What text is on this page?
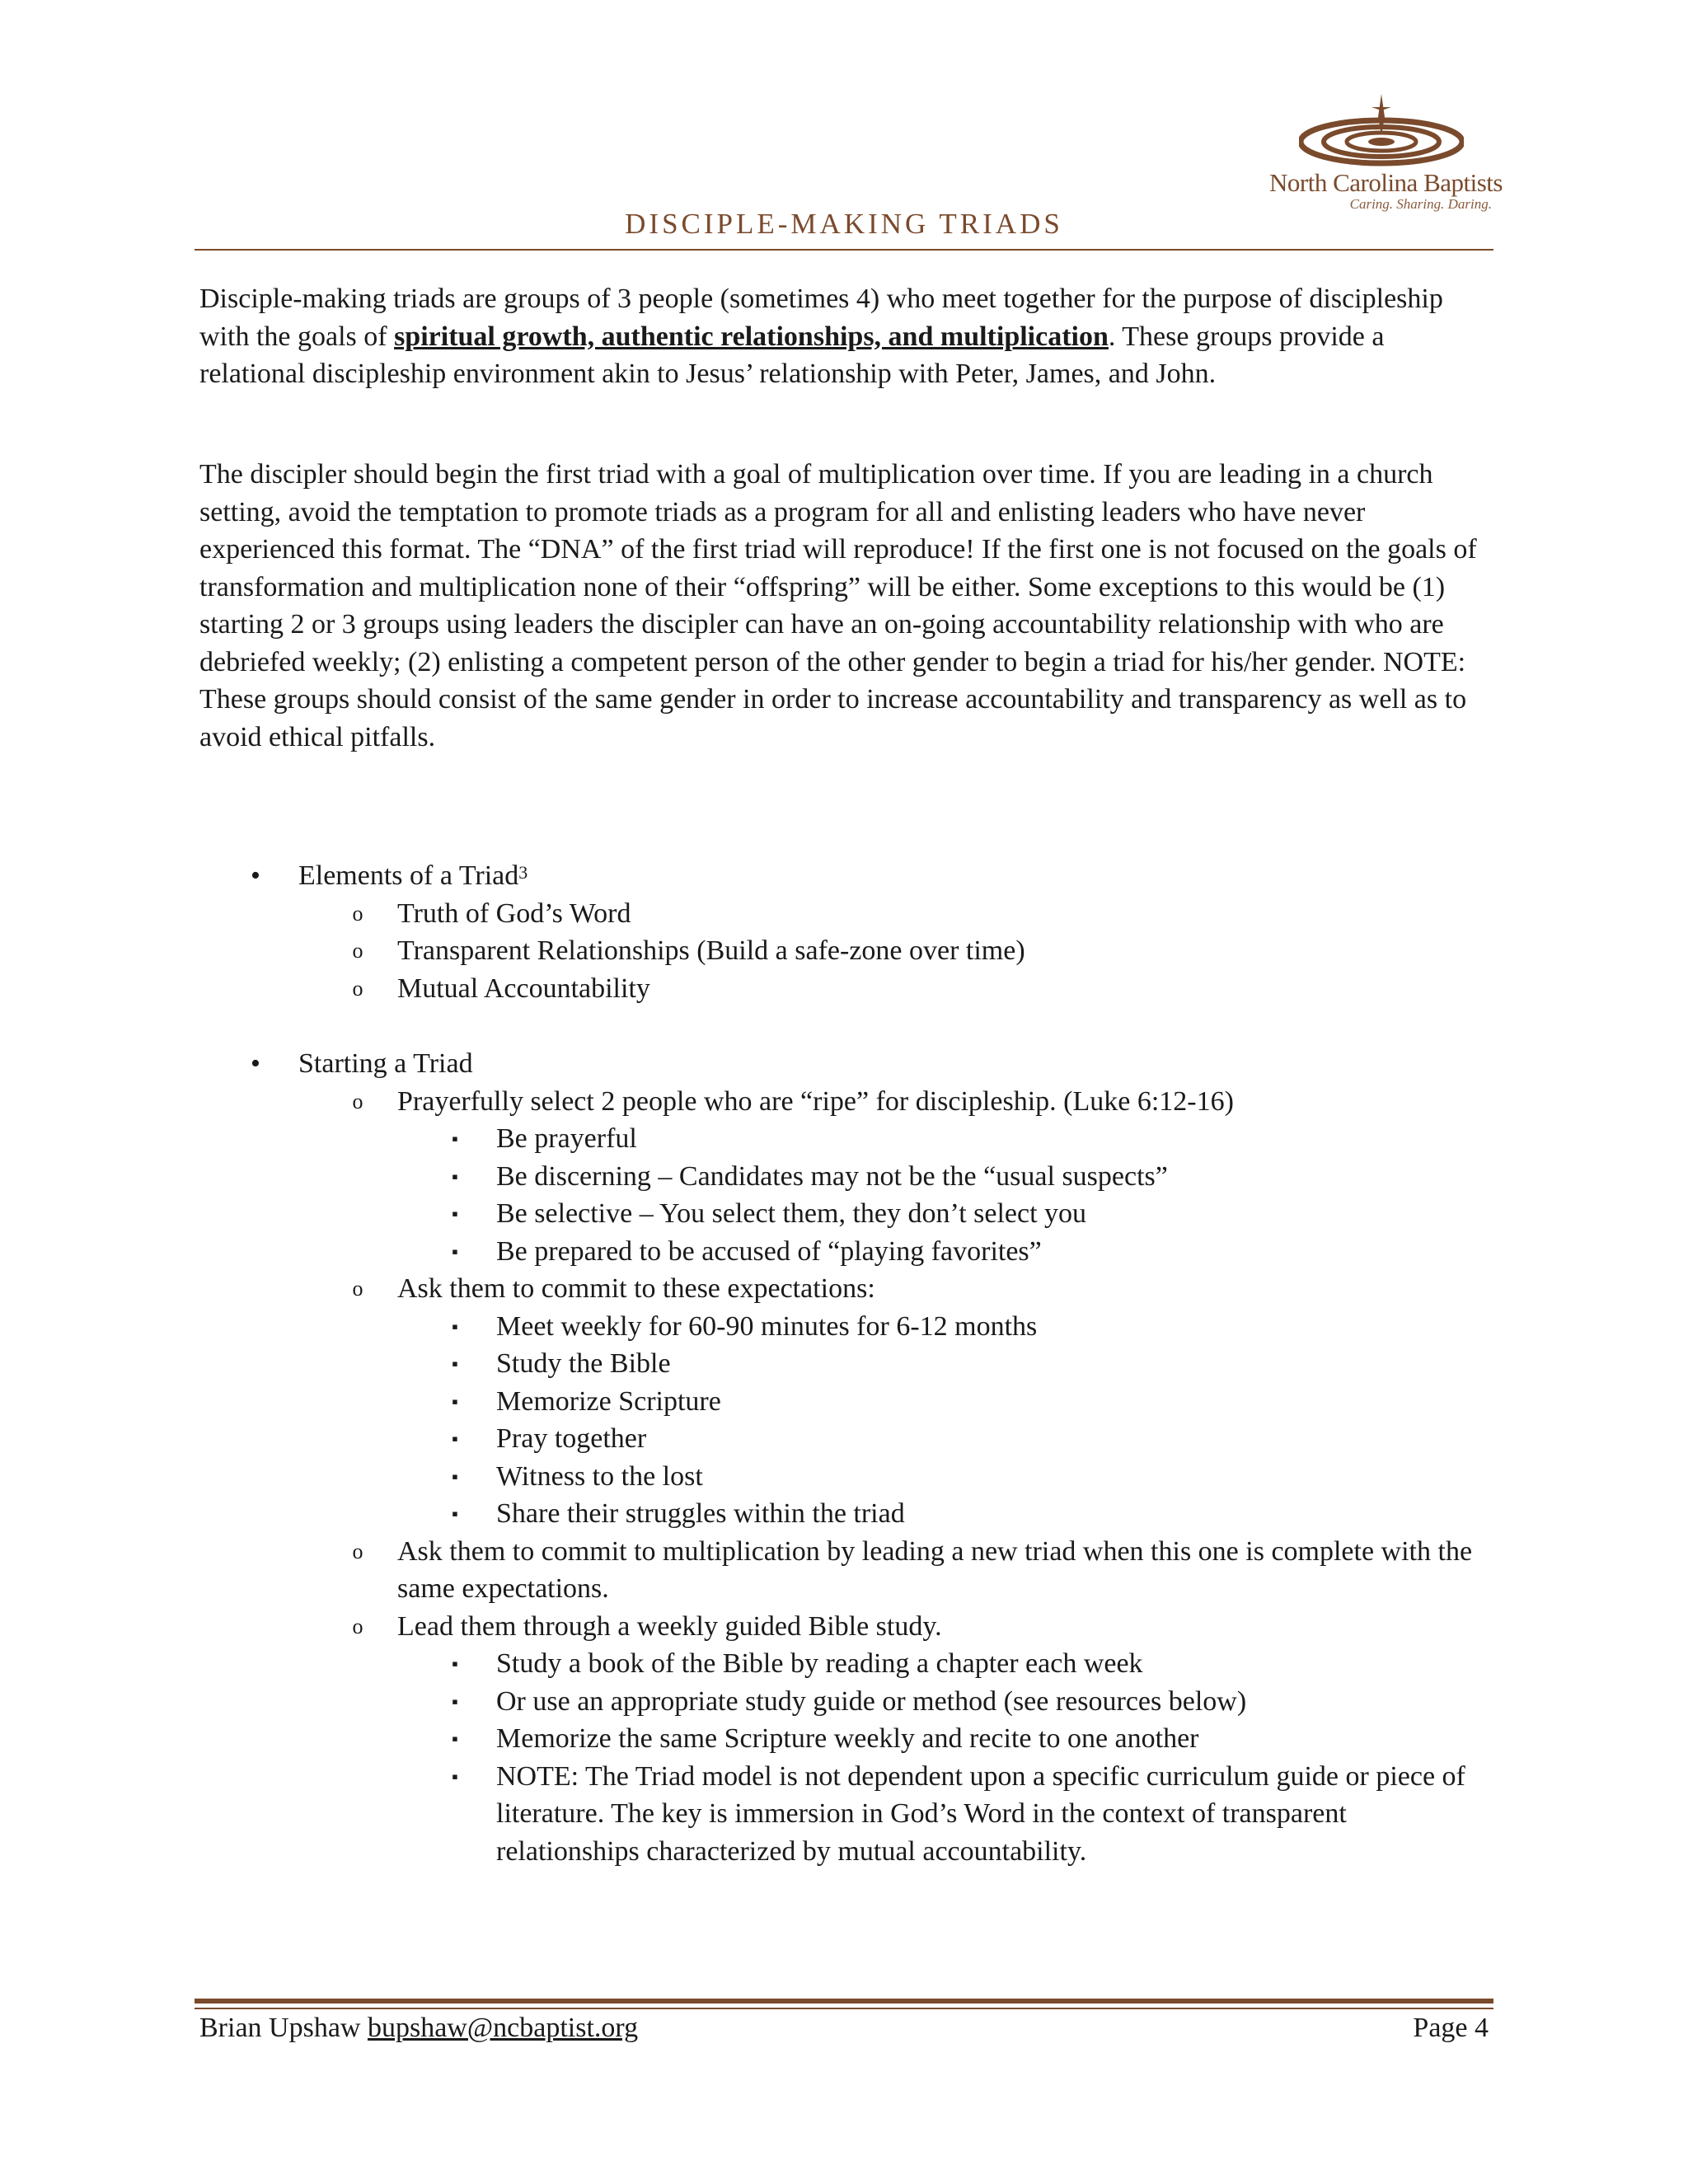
North Carolina Baptists
Caring. Sharing. Daring.
DISCIPLE-MAKING TRIADS
Disciple-making triads are groups of 3 people (sometimes 4) who meet together for the purpose of discipleship with the goals of spiritual growth, authentic relationships, and multiplication. These groups provide a relational discipleship environment akin to Jesus’ relationship with Peter, James, and John.
The discipler should begin the first triad with a goal of multiplication over time. If you are leading in a church setting, avoid the temptation to promote triads as a program for all and enlisting leaders who have never experienced this format. The “DNA” of the first triad will reproduce! If the first one is not focused on the goals of transformation and multiplication none of their “offspring” will be either. Some exceptions to this would be (1) starting 2 or 3 groups using leaders the discipler can have an on-going accountability relationship with who are debriefed weekly; (2) enlisting a competent person of the other gender to begin a triad for his/her gender. NOTE: These groups should consist of the same gender in order to increase accountability and transparency as well as to avoid ethical pitfalls.
•	Elements of a Triad$^3$
o	Truth of God’s Word
o	Transparent Relationships (Build a safe-zone over time)
o	Mutual Accountability
•	Starting a Triad
o	Prayerfully select 2 people who are “ripe” for discipleship. (Luke 6:12-16)
▪	Be prayerful
▪	Be discerning – Candidates may not be the “usual suspects”
▪	Be selective – You select them, they don’t select you
▪	Be prepared to be accused of “playing favorites”
o	Ask them to commit to these expectations:
▪	Meet weekly for 60-90 minutes for 6-12 months
▪	Study the Bible
▪	Memorize Scripture
▪	Pray together
▪	Witness to the lost
▪	Share their struggles within the triad
o	Ask them to commit to multiplication by leading a new triad when this one is complete with the same expectations.
o	Lead them through a weekly guided Bible study.
▪	Study a book of the Bible by reading a chapter each week
▪	Or use an appropriate study guide or method (see resources below)
▪	Memorize the same Scripture weekly and recite to one another
▪	NOTE: The Triad model is not dependent upon a specific curriculum guide or piece of literature. The key is immersion in God’s Word in the context of transparent relationships characterized by mutual accountability.
Brian Upshaw bupshaw@ncbaptist.org	Page 4
